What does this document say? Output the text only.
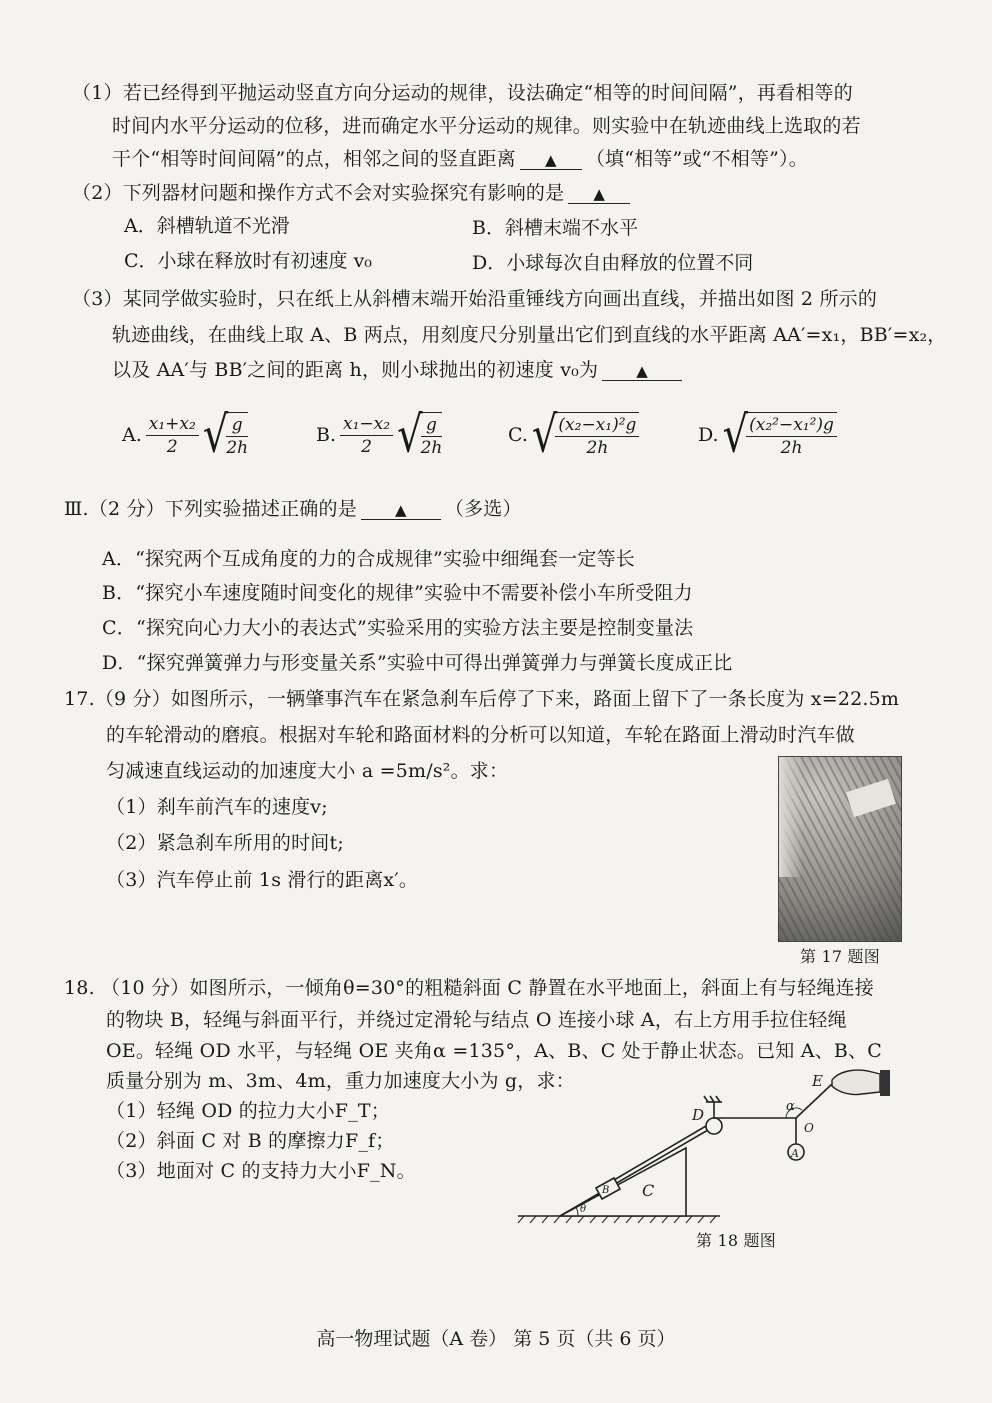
（1）若已经得到平抛运动竖直方向分运动的规律，设法确定“相等的时间间隔”，再看相等的
时间内水平分运动的位移，进而确定水平分运动的规律。则实验中在轨迹曲线上选取的若
干个“相等时间间隔”的点，相邻之间的竖直距离 ▲ （填“相等”或“不相等”）。
（2）下列器材问题和操作方式不会对实验探究有影响的是 ▲
A．斜槽轨道不光滑	B．斜槽末端不水平
C．小球在释放时有初速度 v₀	D．小球每次自由释放的位置不同
（3）某同学做实验时，只在纸上从斜槽末端开始沿重锤线方向画出直线，并描出如图 2 所示的
轨迹曲线，在曲线上取 A、B 两点，用刻度尺分别量出它们到直线的水平距离 AA′=x₁，BB′=x₂，
以及 AA′与 BB′之间的距离 h，则小球抛出的初速度 v₀为	▲
A. $\frac{\text{x₁+x₂}}{2}$ √
$\frac{g}{2h}$	B. $\frac{\text{x₁−x₂}}{2}$ √
$\frac{g}{2h}$	C. √
$\frac{\text{(x₂−x₁)²g}}{2h}$	D. √
$\frac{\text{(x₂²−x₁²)g}}{2h}$
Ⅲ.（2 分）下列实验描述正确的是	▲ （多选）
A．“探究两个互成角度的力的合成规律”实验中细绳套一定等长
B．“探究小车速度随时间变化的规律”实验中不需要补偿小车所受阻力
C．“探究向心力大小的表达式”实验采用的实验方法主要是控制变量法
D．“探究弹簧弹力与形变量关系”实验中可得出弹簧弹力与弹簧长度成正比
17.（9 分）如图所示，一辆肇事汽车在紧急刹车后停了下来，路面上留下了一条长度为 x=22.5m
的车轮滑动的磨痕。根据对车轮和路面材料的分析可以知道，车轮在路面上滑动时汽车做
匀减速直线运动的加速度大小 a =5m/s²。求：
（1）刹车前汽车的速度v;
（2）紧急刹车所用的时间t;
（3）汽车停止前 1s 滑行的距离x′。
第 17 题图
18. （10 分）如图所示，一倾角θ=30°的粗糙斜面 C 静置在水平地面上，斜面上有与轻绳连接
的物块 B，轻绳与斜面平行，并绕过定滑轮与结点 O 连接小球 A，右上方用手拉住轻绳
OE。轻绳 OD 水平，与轻绳 OE 夹角α =135°，A、B、C 处于静止状态。已知 A、B、C
质量分别为 m、3m、4m，重力加速度大小为 g，求：
（1）轻绳 OD 的拉力大小F_T；
（2）斜面 C 对 B 的摩擦力F_f；
（3）地面对 C 的支持力大小F_N。
D
E
O
α
A
B C
θ
第 18 题图
高一物理试题（A 卷） 第 5 页（共 6 页）
